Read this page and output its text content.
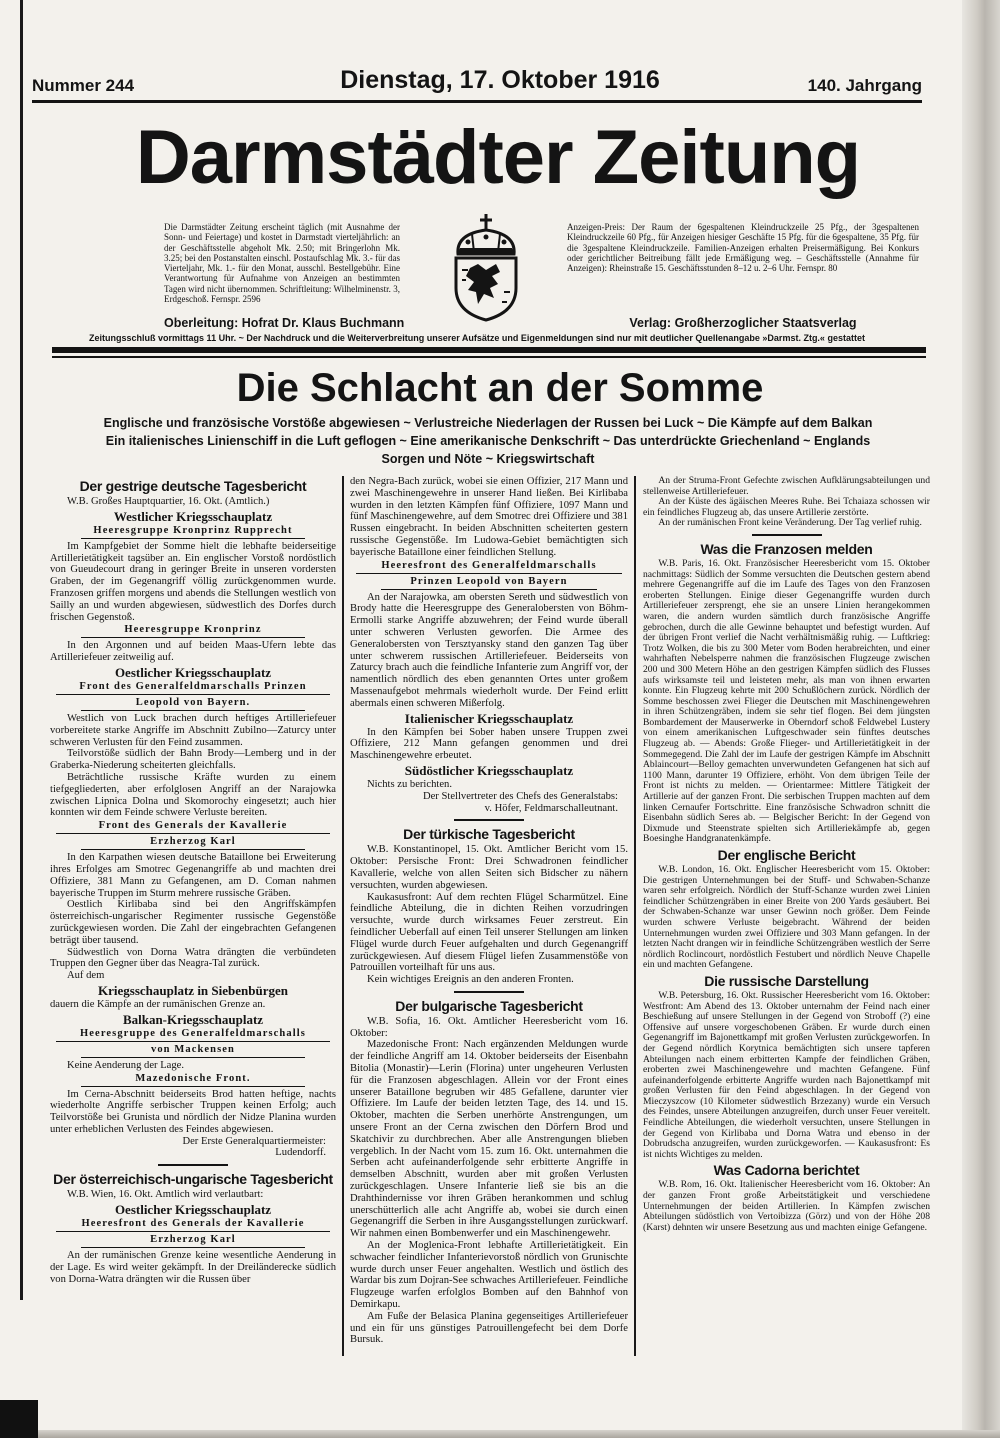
Nummer 244	Dienstag, 17. Oktober 1916	140. Jahrgang
Darmstädter Zeitung
Die Darmstädter Zeitung erscheint täglich (mit Ausnahme der Sonn- und Feiertage) und kostet in Darmstadt vierteljährlich: an der Geschäftsstelle abgeholt Mk. 2.50; mit Bringerlohn Mk. 3.25; bei den Postanstalten einschl. Postaufschlag Mk. 3.- für das Vierteljahr, Mk. 1.- für den Monat, ausschl. Bestellgebühr. Eine Verantwortung für Aufnahme von Anzeigen an bestimmten Tagen wird nicht übernommen. Schriftleitung: Wilhelminenstr. 3, Erdgeschoß. Fernspr. 2596
Oberleitung: Hofrat Dr. Klaus Buchmann
Anzeigen-Preis: Der Raum der 6gespaltenen Kleindruckzeile 25 Pfg., der 3gespaltenen Kleindruckzeile 60 Pfg., für Anzeigen hiesiger Geschäfte 15 Pfg. für die 6gespaltene, 35 Pfg. für die 3gespaltene Kleindruckzeile. Familien-Anzeigen erhalten Preisermäßigung. Bei Konkurs oder gerichtlicher Beitreibung fällt jede Ermäßigung weg. – Geschäftsstelle (Annahme für Anzeigen): Rheinstraße 15. Geschäftsstunden 8–12 u. 2–6 Uhr. Fernspr. 80
Verlag: Großherzoglicher Staatsverlag
Zeitungsschluß vormittags 11 Uhr. ~ Der Nachdruck und die Weiterverbreitung unserer Aufsätze und Eigenmeldungen sind nur mit deutlicher Quellenangabe »Darmst. Ztg.« gestattet
Die Schlacht an der Somme
Englische und französische Vorstöße abgewiesen ~ Verlustreiche Niederlagen der Russen bei Luck ~ Die Kämpfe auf dem Balkan
Ein italienisches Linienschiff in die Luft geflogen ~ Eine amerikanische Denkschrift ~ Das unterdrückte Griechenland ~ Englands
Sorgen und Nöte ~ Kriegswirtschaft
Der gestrige deutsche Tagesbericht
W.B. Großes Hauptquartier, 16. Okt. (Amtlich.)
Westlicher Kriegsschauplatz
Heeresgruppe Kronprinz Rupprecht
Im Kampfgebiet der Somme hielt die lebhafte beiderseitige Artillerietätigkeit tagsüber an. Ein englischer Vorstoß nordöstlich von Gueudecourt drang in geringer Breite in unseren vordersten Graben, der im Gegenangriff völlig zurückgenommen wurde. Franzosen griffen morgens und abends die Stellungen westlich von Sailly an und wurden abgewiesen, südwestlich des Dorfes durch frischen Gegenstoß.
Heeresgruppe Kronprinz
In den Argonnen und auf beiden Maas-Ufern lebte das Artilleriefeuer zeitweilig auf.
Oestlicher Kriegsschauplatz
Front des Generalfeldmarschalls Prinzen
Leopold von Bayern.
Westlich von Luck brachen durch heftiges Artilleriefeuer vorbereitete starke Angriffe im Abschnitt Zubilno—Zaturcy unter schweren Verlusten für den Feind zusammen.
Teilvorstöße südlich der Bahn Brody—Lemberg und in der Graberka-Niederung scheiterten gleichfalls.
Beträchtliche russische Kräfte wurden zu einem tiefgegliederten, aber erfolglosen Angriff an der Narajowka zwischen Lipnica Dolna und Skomorochy eingesetzt; auch hier konnten wir dem Feinde schwere Verluste bereiten.
Front des Generals der Kavallerie
Erzherzog Karl
In den Karpathen wiesen deutsche Bataillone bei Erweiterung ihres Erfolges am Smotrec Gegenangriffe ab und machten drei Offiziere, 381 Mann zu Gefangenen, am D. Coman nahmen bayerische Truppen im Sturm mehrere russische Gräben.
Oestlich Kirlibaba sind bei den Angriffskämpfen österreichisch-ungarischer Regimenter russische Gegenstöße zurückgewiesen worden. Die Zahl der eingebrachten Gefangenen beträgt über tausend.
Südwestlich von Dorna Watra drängten die verbündeten Truppen den Gegner über das Neagra-Tal zurück.
Auf dem
Kriegsschauplatz in Siebenbürgen
dauern die Kämpfe an der rumänischen Grenze an.
Balkan-Kriegsschauplatz
Heeresgruppe des Generalfeldmarschalls
von Mackensen
Keine Aenderung der Lage.
Mazedonische Front.
Im Cerna-Abschnitt beiderseits Brod hatten heftige, nachts wiederholte Angriffe serbischer Truppen keinen Erfolg; auch Teilvorstöße bei Grunista und nördlich der Nidze Planina wurden unter erheblichen Verlusten des Feindes abgewiesen.
Der Erste Generalquartiermeister:
Ludendorff.
Der österreichisch-ungarische Tagesbericht
W.B. Wien, 16. Okt. Amtlich wird verlautbart:
Oestlicher Kriegsschauplatz
Heeresfront des Generals der Kavallerie
Erzherzog Karl
An der rumänischen Grenze keine wesentliche Aenderung in der Lage. Es wird weiter gekämpft. In der Dreiländerecke südlich von Dorna-Watra drängten wir die Russen über
den Negra-Bach zurück, wobei sie einen Offizier, 217 Mann und zwei Maschinengewehre in unserer Hand ließen. Bei Kirlibaba wurden in den letzten Kämpfen fünf Offiziere, 1097 Mann und fünf Maschinengewehre, auf dem Smotrec drei Offiziere und 381 Russen eingebracht. In beiden Abschnitten scheiterten gestern russische Gegenstöße. Im Ludowa-Gebiet bemächtigten sich bayerische Bataillone einer feindlichen Stellung.
Heeresfront des Generalfeldmarschalls
Prinzen Leopold von Bayern
An der Narajowka, am obersten Sereth und südwestlich von Brody hatte die Heeresgruppe des Generalobersten von Böhm-Ermolli starke Angriffe abzuwehren; der Feind wurde überall unter schweren Verlusten geworfen. Die Armee des Generalobersten von Tersztyansky stand den ganzen Tag über unter schwerem russischen Artilleriefeuer. Beiderseits von Zaturcy brach auch die feindliche Infanterie zum Angriff vor, der namentlich nördlich des eben genannten Ortes unter großem Massenaufgebot mehrmals wiederholt wurde. Der Feind erlitt abermals einen schweren Mißerfolg.
Italienischer Kriegsschauplatz
In den Kämpfen bei Sober haben unsere Truppen zwei Offiziere, 212 Mann gefangen genommen und drei Maschinengewehre erbeutet.
Südöstlicher Kriegsschauplatz
Nichts zu berichten.
Der Stellvertreter des Chefs des Generalstabs:
v. Höfer, Feldmarschalleutnant.
Der türkische Tagesbericht
W.B. Konstantinopel, 15. Okt. Amtlicher Bericht vom 15. Oktober: Persische Front: Drei Schwadronen feindlicher Kavallerie, welche von allen Seiten sich Bidscher zu nähern versuchten, wurden abgewiesen.
Kaukasusfront: Auf dem rechten Flügel Scharmützel. Eine feindliche Abteilung, die in dichten Reihen vorzudringen versuchte, wurde durch wirksames Feuer zerstreut. Ein feindlicher Ueberfall auf einen Teil unserer Stellungen am linken Flügel wurde durch Feuer aufgehalten und durch Gegenangriff zurückgewiesen. Auf diesem Flügel liefen Zusammenstöße von Patrouillen vorteilhaft für uns aus.
Kein wichtiges Ereignis an den anderen Fronten.
Der bulgarische Tagesbericht
W.B. Sofia, 16. Okt. Amtlicher Heeresbericht vom 16. Oktober:
Mazedonische Front: Nach ergänzenden Meldungen wurde der feindliche Angriff am 14. Oktober beiderseits der Eisenbahn Bitolia (Monastir)—Lerin (Florina) unter ungeheuren Verlusten für die Franzosen abgeschlagen. Allein vor der Front eines unserer Bataillone begruben wir 485 Gefallene, darunter vier Offiziere. Im Laufe der beiden letzten Tage, des 14. und 15. Oktober, machten die Serben unerhörte Anstrengungen, um unsere Front an der Cerna zwischen den Dörfern Brod und Skatchivir zu durchbrechen. Aber alle Anstrengungen blieben vergeblich. In der Nacht vom 15. zum 16. Okt. unternahmen die Serben acht aufeinanderfolgende sehr erbitterte Angriffe in demselben Abschnitt, wurden aber mit großen Verlusten zurückgeschlagen. Unsere Infanterie ließ sie bis an die Drahthindernisse vor ihren Gräben herankommen und schlug unerschütterlich alle acht Angriffe ab, wobei sie durch einen Gegenangriff die Serben in ihre Ausgangsstellungen zurückwarf. Wir nahmen einen Bombenwerfer und ein Maschinengewehr.
An der Moglenica-Front lebhafte Artillerietätigkeit. Ein schwacher feindlicher Infanterievorstoß nördlich von Grunischte wurde durch unser Feuer angehalten. Westlich und östlich des Wardar bis zum Dojran-See schwaches Artilleriefeuer. Feindliche Flugzeuge warfen erfolglos Bomben auf den Bahnhof von Demirkapu.
Am Fuße der Belasica Planina gegenseitiges Artilleriefeuer und ein für uns günstiges Patrouillengefecht bei dem Dorfe Bursuk.
An der Struma-Front Gefechte zwischen Aufklärungsabteilungen und stellenweise Artilleriefeuer.
An der Küste des ägäischen Meeres Ruhe. Bei Tchaiaza schossen wir ein feindliches Flugzeug ab, das unsere Artillerie zerstörte.
An der rumänischen Front keine Veränderung. Der Tag verlief ruhig.
Was die Franzosen melden
W.B. Paris, 16. Okt. Französischer Heeresbericht vom 15. Oktober nachmittags: Südlich der Somme versuchten die Deutschen gestern abend mehrere Gegenangriffe auf die im Laufe des Tages von den Franzosen eroberten Stellungen. Einige dieser Gegenangriffe wurden durch Artilleriefeuer zersprengt, ehe sie an unsere Linien herangekommen waren, die andern wurden sämtlich durch französische Angriffe gebrochen, durch die alle Gewinne behauptet und befestigt wurden. Auf der übrigen Front verlief die Nacht verhältnismäßig ruhig. — Luftkrieg: Trotz Wolken, die bis zu 300 Meter vom Boden herabreichten, und einer wahrhaften Nebelsperre nahmen die französischen Flugzeuge zwischen 200 und 300 Metern Höhe an den gestrigen Kämpfen südlich des Flusses aufs wirksamste teil und leisteten mehr, als man von ihnen erwarten konnte. Ein Flugzeug kehrte mit 200 Schußlöchern zurück. Nördlich der Somme beschossen zwei Flieger die Deutschen mit Maschinengewehren in ihren Schützengräben, indem sie sehr tief flogen. Bei dem jüngsten Bombardement der Mauserwerke in Oberndorf schoß Feldwebel Lustery von einem amerikanischen Luftgeschwader sein fünftes deutsches Flugzeug ab. — Abends: Große Flieger- und Artillerietätigkeit in der Sommegegend. Die Zahl der im Laufe der gestrigen Kämpfe im Abschnitt Ablaincourt—Belloy gemachten unverwundeten Gefangenen hat sich auf 1100 Mann, darunter 19 Offiziere, erhöht. Von dem übrigen Teile der Front ist nichts zu melden. — Orientarmee: Mittlere Tätigkeit der Artillerie auf der ganzen Front. Die serbischen Truppen machten auf dem linken Cernaufer Fortschritte. Eine französische Schwadron schnitt die Eisenbahn südlich Seres ab. — Belgischer Bericht: In der Gegend von Dixmude und Steenstrate spielten sich Artilleriekämpfe ab, gegen Boesinghe Handgranatenkämpfe.
Der englische Bericht
W.B. London, 16. Okt. Englischer Heeresbericht vom 15. Oktober: Die gestrigen Unternehmungen bei der Stuff- und Schwaben-Schanze waren sehr erfolgreich. Nördlich der Stuff-Schanze wurden zwei Linien feindlicher Schützengräben in einer Breite von 200 Yards gesäubert. Bei der Schwaben-Schanze war unser Gewinn noch größer. Dem Feinde wurden schwere Verluste beigebracht. Während der beiden Unternehmungen wurden zwei Offiziere und 303 Mann gefangen. In der letzten Nacht drangen wir in feindliche Schützengräben westlich der Serre nördlich Roclincourt, nordöstlich Festubert und nördlich Neuve Chapelle ein und machten Gefangene.
Die russische Darstellung
W.B. Petersburg, 16. Okt. Russischer Heeresbericht vom 16. Oktober: Westfront: Am Abend des 13. Oktober unternahm der Feind nach einer Beschießung auf unsere Stellungen in der Gegend von Stroboff (?) eine Offensive auf unsere vorgeschobenen Gräben. Er wurde durch einen Gegenangriff im Bajonettkampf mit großen Verlusten zurückgeworfen. In der Gegend nördlich Korytnica bemächtigten sich unsere tapferen Abteilungen nach einem erbitterten Kampfe der feindlichen Gräben, eroberten zwei Maschinengewehre und machten Gefangene. Fünf aufeinanderfolgende erbitterte Angriffe wurden nach Bajonettkampf mit großen Verlusten für den Feind abgeschlagen. In der Gegend von Mieczyszcow (10 Kilometer südwestlich Brzezany) wurde ein Versuch des Feindes, unsere Abteilungen anzugreifen, durch unser Feuer vereitelt. Feindliche Abteilungen, die wiederholt versuchten, unsere Stellungen in der Gegend von Kirlibaba und Dorna Watra und ebenso in der Dobrudscha anzugreifen, wurden zurückgeworfen. — Kaukasusfront: Es ist nichts Wichtiges zu melden.
Was Cadorna berichtet
W.B. Rom, 16. Okt. Italienischer Heeresbericht vom 16. Oktober: An der ganzen Front große Arbeitstätigkeit und verschiedene Unternehmungen der beiden Artillerien. In Kämpfen zwischen Abteilungen südöstlich von Vertoibizza (Görz) und von der Höhe 208 (Karst) dehnten wir unsere Besetzung aus und machten einige Gefangene.
